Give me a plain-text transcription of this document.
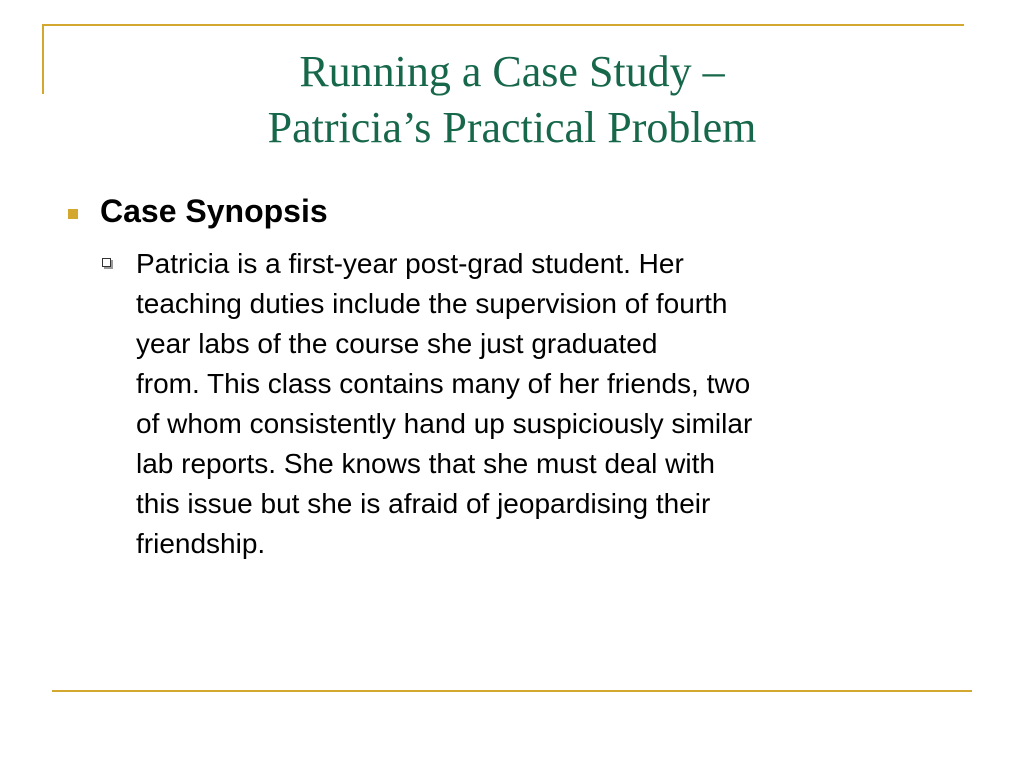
Running a Case Study –
Patricia’s Practical Problem
Case Synopsis
Patricia is a first-year post-grad student. Her
teaching duties include the supervision of fourth
year labs of the course she just graduated
from. This class contains many of her friends, two
of whom consistently hand up suspiciously similar
lab reports. She knows that she must deal with
this issue but she is afraid of jeopardising their
friendship.
